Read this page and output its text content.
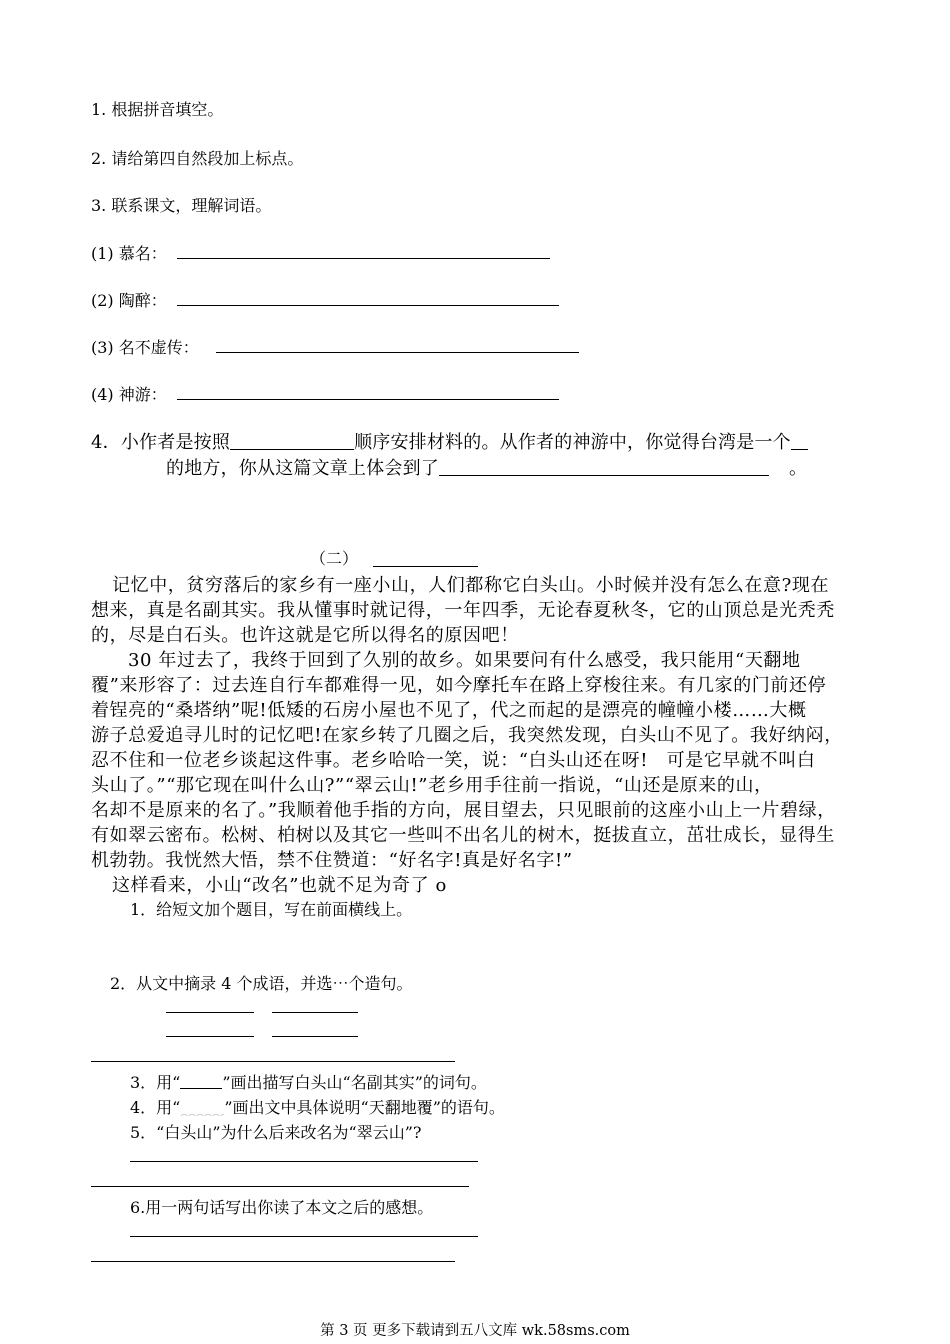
1. 根据拼音填空。
2. 请给第四自然段加上标点。
3. 联系课文，理解词语。
(1) 慕名：
(2) 陶醉：
(3) 名不虚传：
(4) 神游：
4．小作者是按照	顺序安排材料的。从作者的神游中，你觉得台湾是一个
的地方，你从这篇文章上体会到了	。
（二）
记忆中，贫穷落后的家乡有一座小山，人们都称它白头山。小时候并没有怎么在意?现在
想来，真是名副其实。我从懂事时就记得，一年四季，无论春夏秋冬，它的山顶总是光秃秃
的，尽是白石头。也许这就是它所以得名的原因吧！
30 年过去了，我终于回到了久别的故乡。如果要问有什么感受，我只能用“天翻地
覆”来形容了：过去连自行车都难得一见，如今摩托车在路上穿梭往来。有几家的门前还停
着锃亮的“桑塔纳”呢!低矮的石房小屋也不见了，代之而起的是漂亮的幢幢小楼……大概
游子总爱追寻儿时的记忆吧!在家乡转了几圈之后，我突然发现，白头山不见了。我好纳闷，
忍不住和一位老乡谈起这件事。老乡哈哈一笑，说：“白头山还在呀!　可是它早就不叫白
头山了。”“那它现在叫什么山?”“翠云山!”老乡用手往前一指说，“山还是原来的山，
名却不是原来的名了。”我顺着他手指的方向，展目望去，只见眼前的这座小山上一片碧绿，
有如翠云密布。松树、柏树以及其它一些叫不出名儿的树木，挺拔直立，茁壮成长，显得生
机勃勃。我恍然大悟，禁不住赞道：“好名字!真是好名字!”
这样看来，小山“改名”也就不足为奇了 o
1．给短文加个题目，写在前面横线上。
2．从文中摘录 4 个成语，并选⋯个造句。
3．用“	”画出描写白头山“名副其实”的词句。
4．用“	”画出文中具体说明“天翻地覆”的语句。
5．“白头山”为什么后来改名为“翠云山”?
6.用一两句话写出你读了本文之后的感想。
第 3 页 更多下载请到五八文库 wk.58sms.com
